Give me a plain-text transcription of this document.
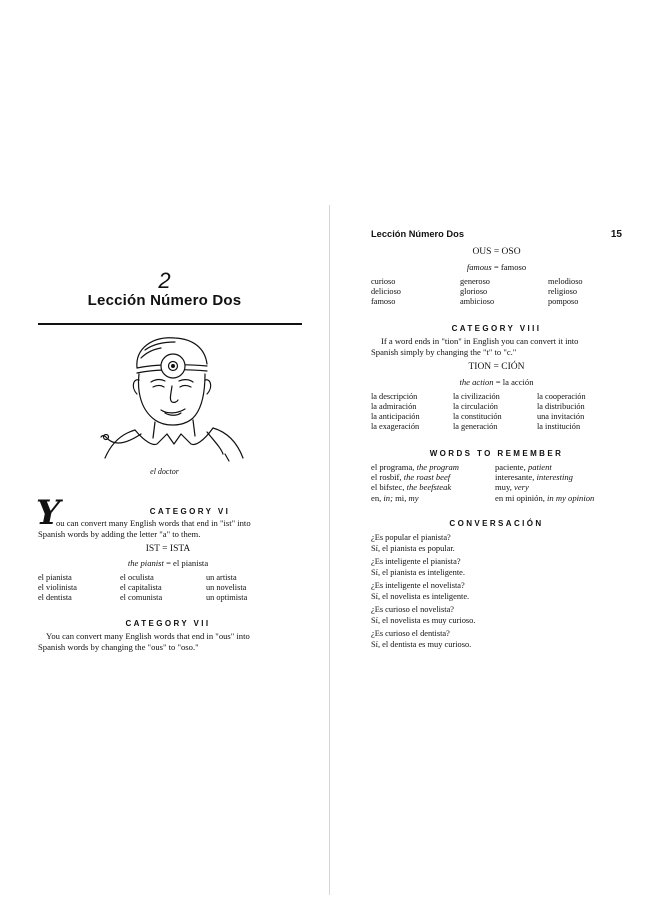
2
Lección Número Dos
el doctor
CATEGORY VI
Y
ou can convert many English words that end in "ist" into
Spanish words by adding the letter "a" to them.
IST = ISTA
the pianist = el pianista
el pianista
el violinista
el dentista
el oculista
el capitalista
el comunista
un artista
un novelista
un optimista
CATEGORY VII
You can convert many English words that end in "ous" into
Spanish words by changing the "ous" to "oso."
Lección Número Dos	15
OUS = OSO
famous = famoso
curioso
delicioso
famoso
generoso
glorioso
ambicioso
melodioso
religioso
pomposo
CATEGORY VIII
If a word ends in "tion" in English you can convert it into
Spanish simply by changing the "t" to "c."
TION = CIÓN
the action = la acción
la descripción
la admiración
la anticipación
la exageración
la civilización
la circulación
la constitución
la generación
la cooperación
la distribución
una invitación
la institución
WORDS TO REMEMBER
el programa, the program
el rosbif, the roast beef
el bifstec, the beefsteak
en, in; mi, my
paciente, patient
interesante, interesting
muy, very
en mi opinión, in my opinion
CONVERSACIÓN
¿Es popular el pianista?
Sí, el pianista es popular.
¿Es inteligente el pianista?
Sí, el pianista es inteligente.
¿Es inteligente el novelista?
Sí, el novelista es inteligente.
¿Es curioso el novelista?
Sí, el novelista es muy curioso.
¿Es curioso el dentista?
Sí, el dentista es muy curioso.
